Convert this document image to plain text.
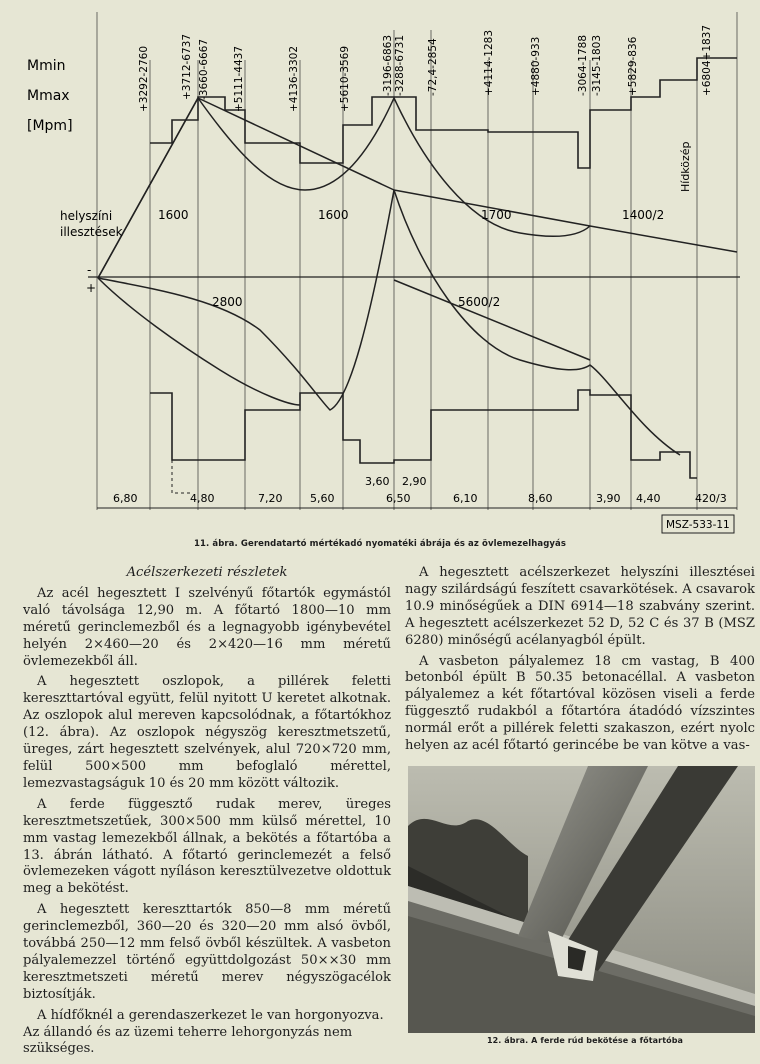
Mmin
Mmax
[Mpm]
-
+
+3292-2760	+3712-6737 -3660-6667 +5111-4437	+4136-3302	+5610-3569	-3196-6863 -3288-6731 -72,4-2854	+4114-1283	+4880-933	-3064-1788 -3145-1803 +5829-836	+6804+1837
Hídközép
helyszíni
illesztések
1600	1600	1700	1400/2
2800	5600/2
6,80	4,80	7,20	5,60
3,60 2,90
6,50	6,10	8,60	3,90 4,40	420/3
MSZ-533-11
11. ábra. Gerendatartó mértékadó nyomatéki ábrája és az övlemezelhagyás

Acélszerkezeti részletek

Az acél hegesztett I szelvényű főtartók egymástól való távolsága 12,90 m. A főtartó 1800—10 mm méretű gerinclemezből és a legnagyobb igénybevétel helyén 2×460—20 és 2×420—16 mm méretű övlemezekből áll.

A hegesztett oszlopok, a pillérek feletti kereszttartóval együtt, felül nyitott U keretet alkotnak. Az oszlopok alul mereven kapcsolódnak, a főtartókhoz (12. ábra). Az oszlopok négyszög keresztmetszetű, üreges, zárt hegesztett szelvények, alul 720×720 mm, felül 500×500 mm befoglaló mérettel, lemezvastagságuk 10 és 20 mm között változik.

A ferde függesztő rudak merev, üreges keresztmetszetűek, 300×500 mm külső mérettel, 10 mm vastag lemezekből állnak, a bekötés a főtartóba a 13. ábrán látható. A főtartó gerinclemezét a felső övlemezeken vágott nyíláson keresztülvezetve oldottuk meg a bekötést.

A hegesztett kereszttartók 850—8 mm méretű gerinclemezből, 360—20 és 320—20 mm alsó övből, továbbá 250—12 mm felső övből készültek. A vasbeton pályalemezzel történő együttdolgozást 50××30 mm keresztmetszeti méretű merev négyszögacélok biztosítják.

A hídfőknél a gerendaszerkezet le van horgonyozva. Az állandó és az üzemi teherre lehorgonyzás nem szükséges.

A hegesztett acélszerkezet helyszíni illesztései nagy szilárdságú feszített csavarkötések. A csavarok 10.9 minőségűek a DIN 6914—18 szabvány szerint. A hegesztett acélszerkezet 52 D, 52 C és 37 B (MSZ 6280) minőségű acélanyagból épült.

A vasbeton pályalemez 18 cm vastag, B 400 betonból épült B 50.35 betonacéllal. A vasbeton pályalemez a két főtartóval közösen viseli a ferde függesztő rudakból a főtartóra átadódó vízszintes normál erőt a pillérek feletti szakaszon, ezért nyolc helyen az acél főtartó gerincébe be van kötve a vas-

12. ábra. A ferde rúd bekötése a főtartóba
